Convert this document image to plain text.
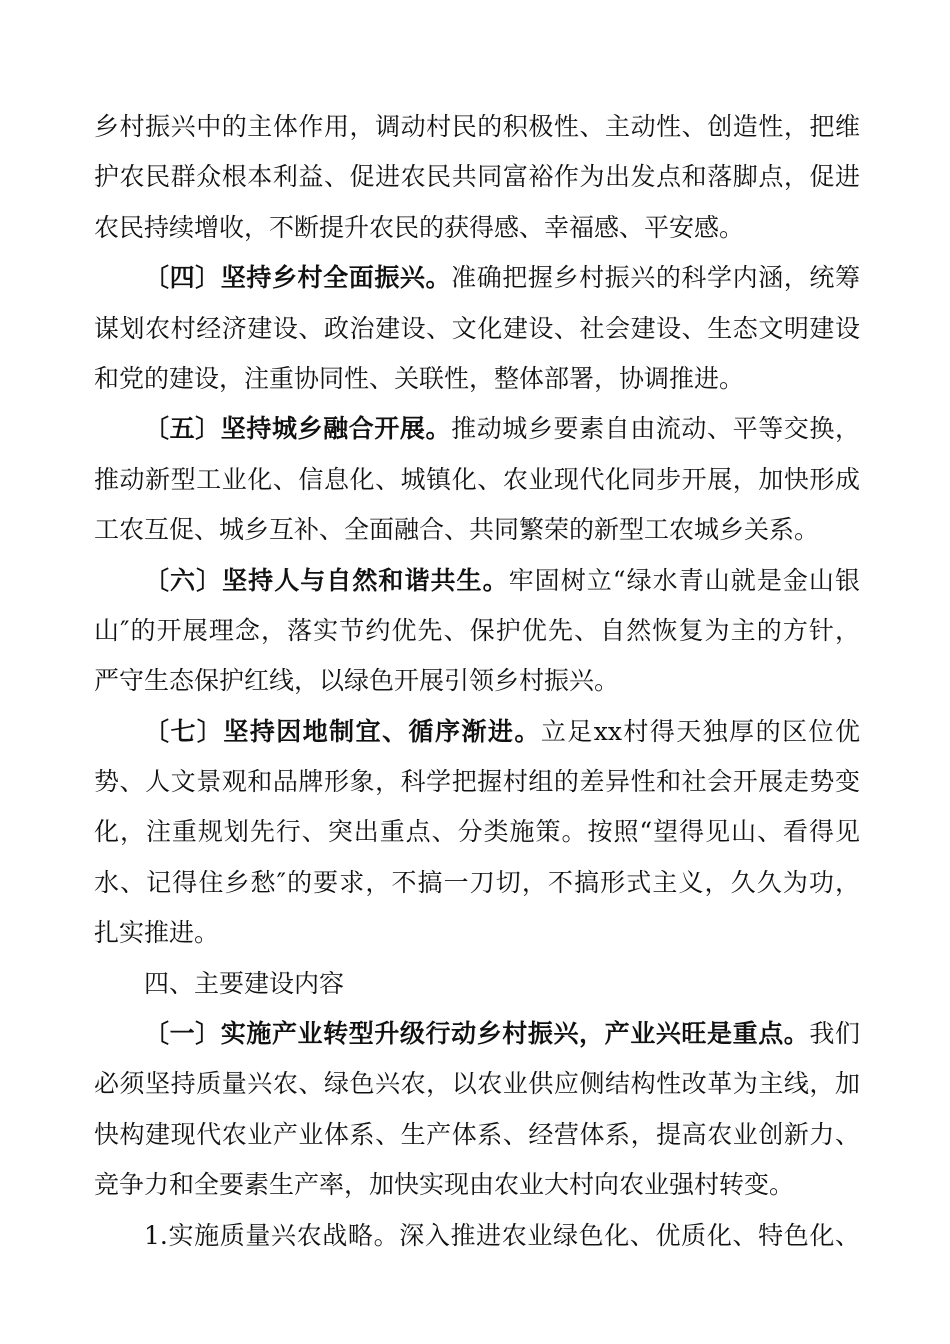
乡村振兴中的主体作用，调动村民的积极性、主动性、创造性，把维
护农民群众根本利益、促进农民共同富裕作为出发点和落脚点，促进
农民持续增收，不断提升农民的获得感、幸福感、平安感。
〔四〕坚持乡村全面振兴。准确把握乡村振兴的科学内涵，统筹
谋划农村经济建设、政治建设、文化建设、社会建设、生态文明建设
和党的建设，注重协同性、关联性，整体部署，协调推进。
〔五〕坚持城乡融合开展。推动城乡要素自由流动、平等交换，
推动新型工业化、信息化、城镇化、农业现代化同步开展，加快形成
工农互促、城乡互补、全面融合、共同繁荣的新型工农城乡关系。
〔六〕坚持人与自然和谐共生。牢固树立“绿水青山就是金山银
山″的开展理念，落实节约优先、保护优先、自然恢复为主的方针，
严守生态保护红线，以绿色开展引领乡村振兴。
〔七〕坚持因地制宜、循序渐进。立足xx村得天独厚的区位优
势、人文景观和品牌形象，科学把握村组的差异性和社会开展走势变
化，注重规划先行、突出重点、分类施策。按照“望得见山、看得见
水、记得住乡愁″的要求，不搞一刀切，不搞形式主义，久久为功，
扎实推进。
四、主要建设内容
〔一〕实施产业转型升级行动乡村振兴，产业兴旺是重点。我们
必须坚持质量兴农、绿色兴农，以农业供应侧结构性改革为主线，加
快构建现代农业产业体系、生产体系、经营体系，提高农业创新力、
竞争力和全要素生产率，加快实现由农业大村向农业强村转变。
1.实施质量兴农战略。深入推进农业绿色化、优质化、特色化、
